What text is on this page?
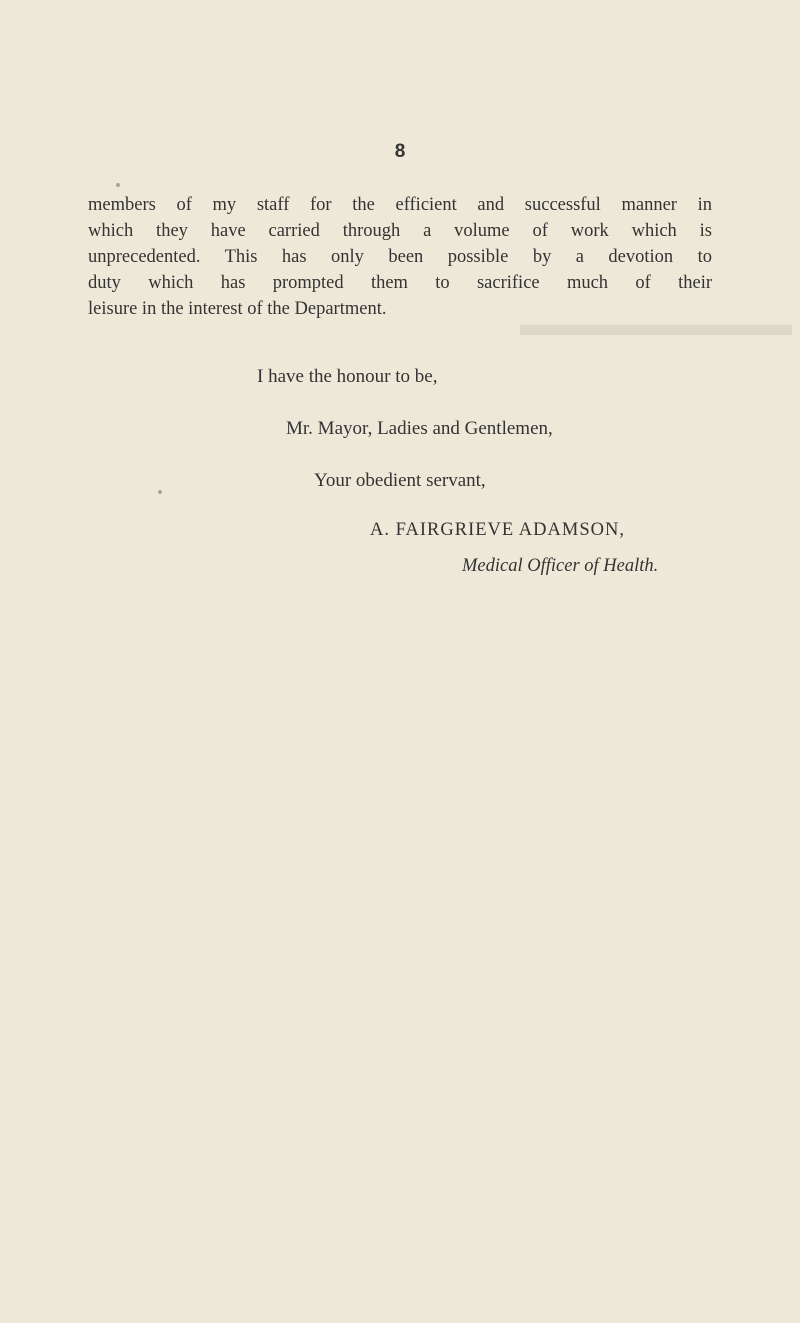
▬▬▬▬▬▬▬▬
8
members of my staff for the efficient and successful manner in
which they have carried through a volume of work which is
unprecedented. This has only been possible by a devotion to
duty which has prompted them to sacrifice much of their
leisure in the interest of the Department.
I have the honour to be,
Mr. Mayor, Ladies and Gentlemen,
Your obedient servant,
A. FAIRGRIEVE ADAMSON,
Medical Officer of Health.
